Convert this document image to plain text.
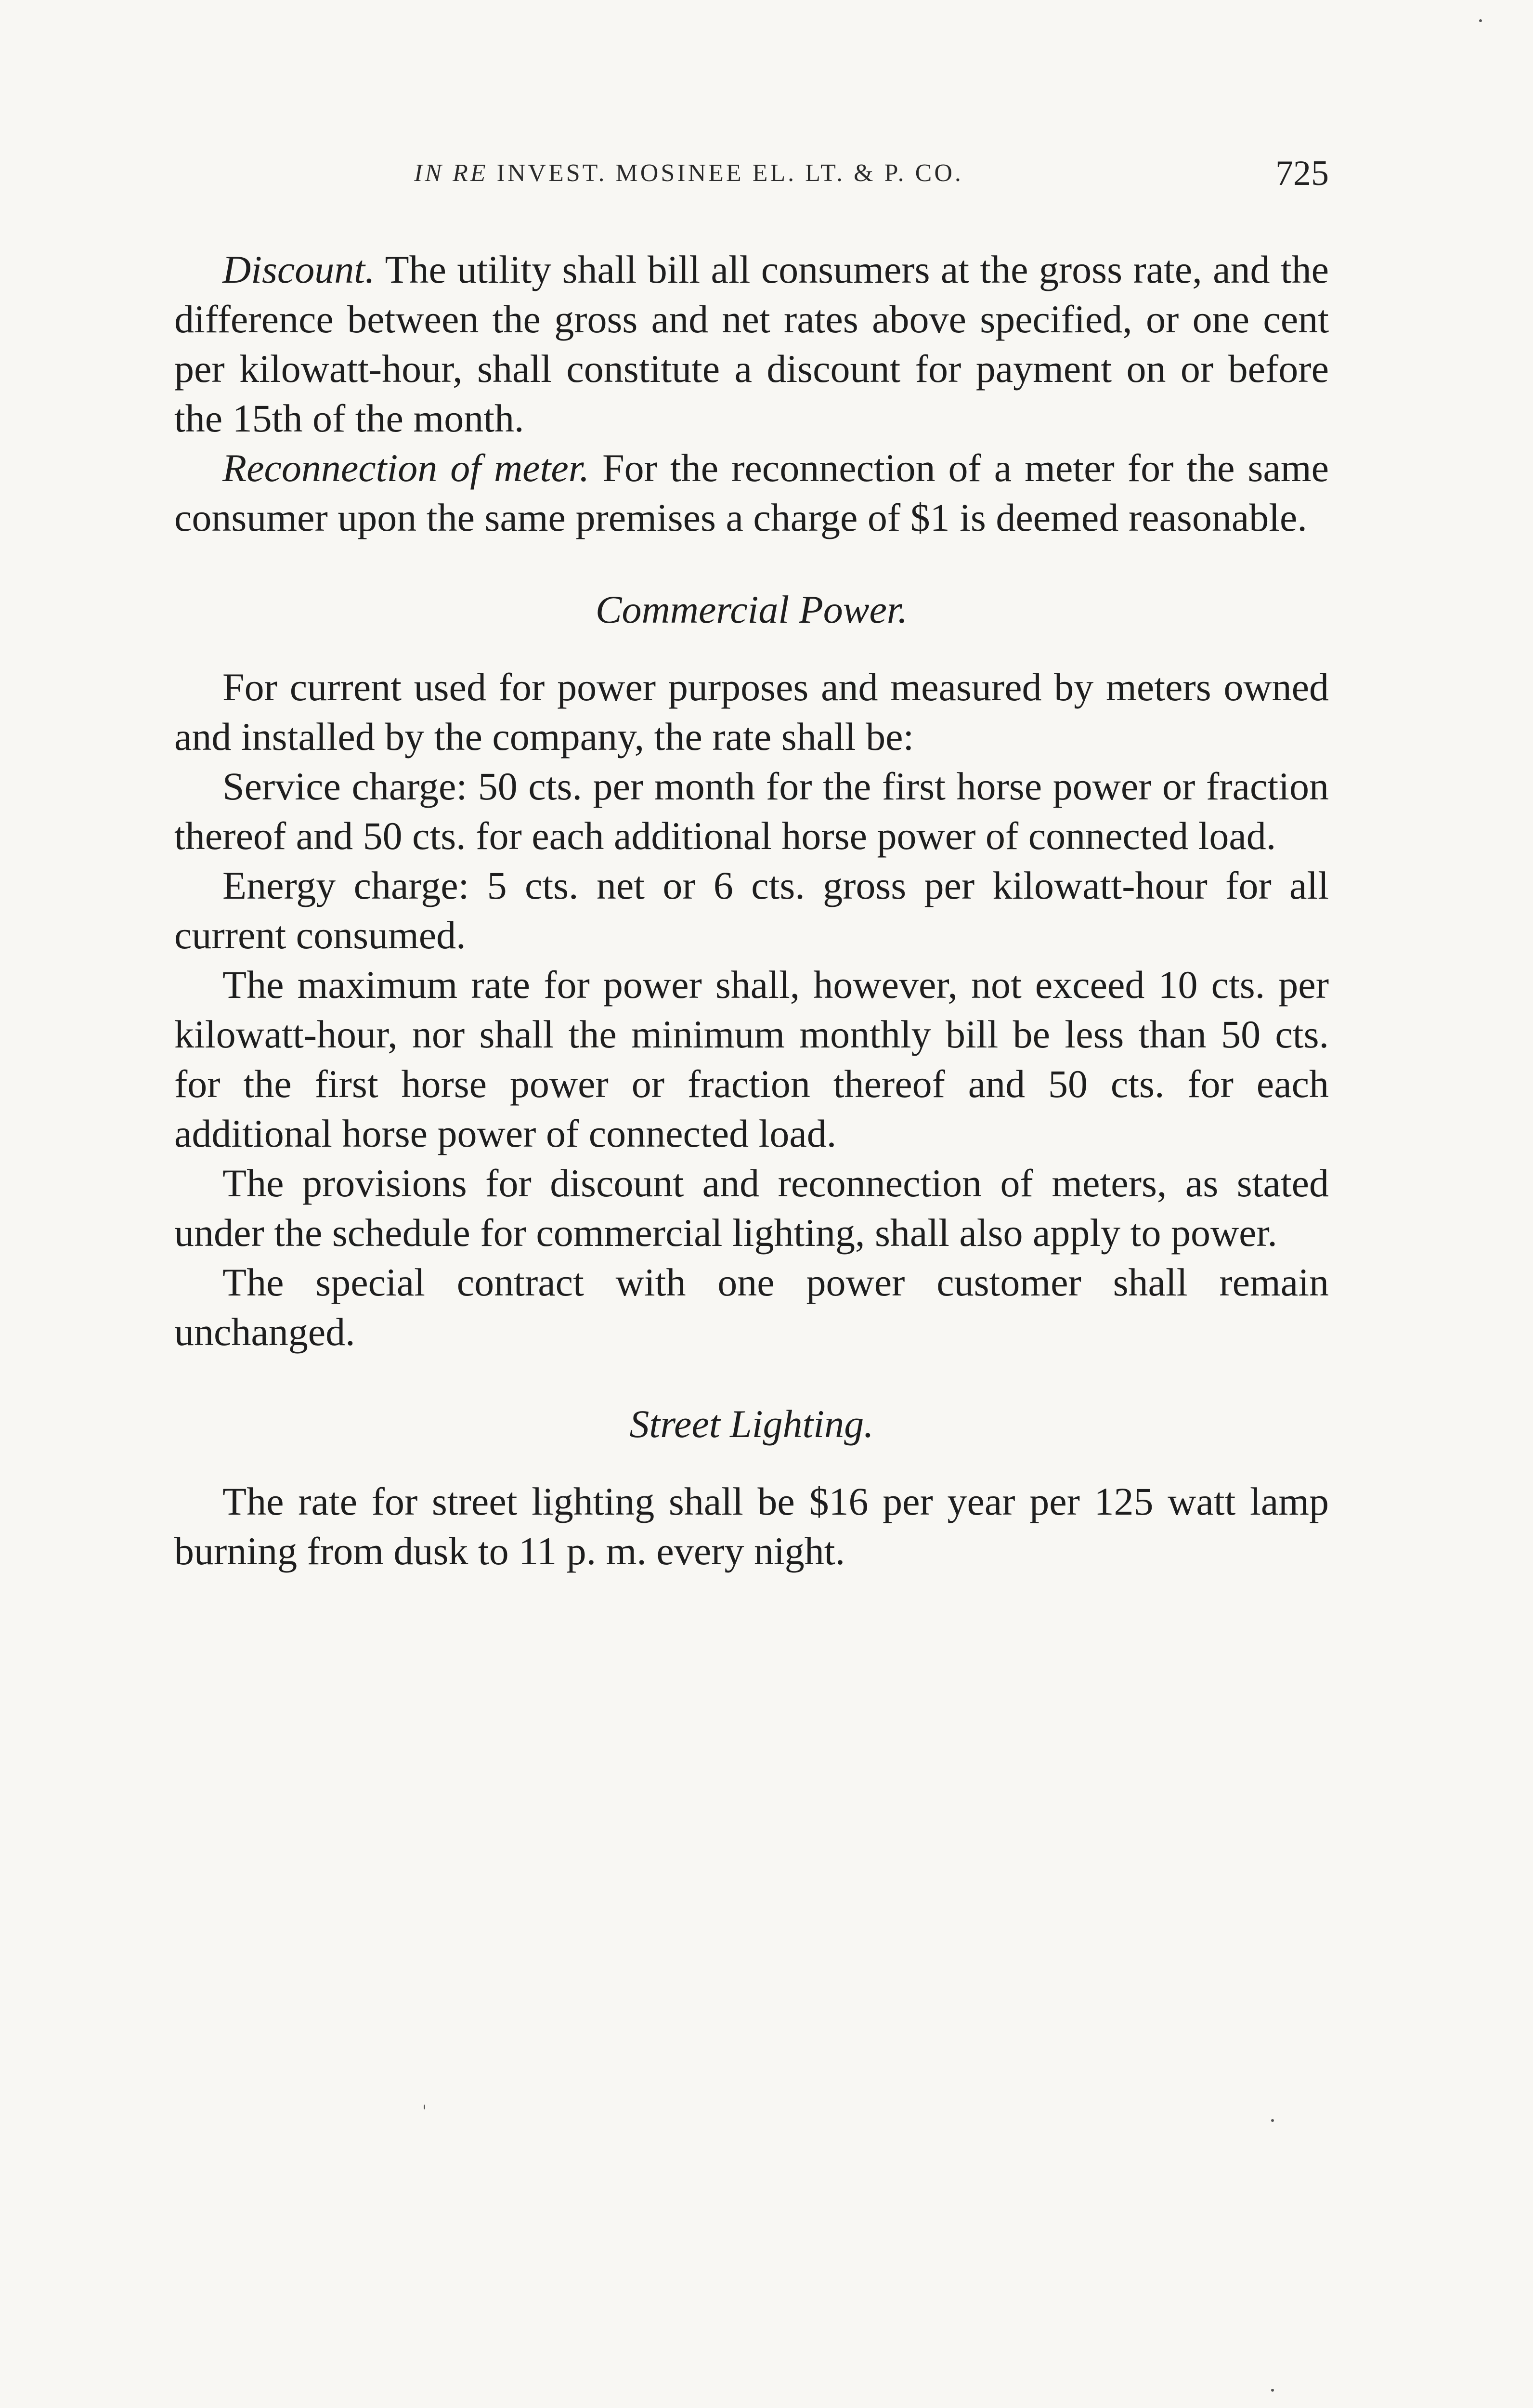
IN RE INVEST. MOSINEE EL. LT. & P. CO.	725

Discount. The utility shall bill all consumers at the gross rate, and the difference between the gross and net rates above specified, or one cent per kilowatt-hour, shall constitute a discount for payment on or before the 15th of the month.

Reconnection of meter. For the reconnection of a meter for the same consumer upon the same premises a charge of $1 is deemed reasonable.

Commercial Power.

For current used for power purposes and measured by meters owned and installed by the company, the rate shall be:

Service charge: 50 cts. per month for the first horse power or fraction thereof and 50 cts. for each additional horse power of connected load.

Energy charge: 5 cts. net or 6 cts. gross per kilowatt-hour for all current consumed.

The maximum rate for power shall, however, not exceed 10 cts. per kilowatt-hour, nor shall the minimum monthly bill be less than 50 cts. for the first horse power or fraction thereof and 50 cts. for each additional horse power of connected load.

The provisions for discount and reconnection of meters, as stated under the schedule for commercial lighting, shall also apply to power.

The special contract with one power customer shall remain unchanged.

Street Lighting.

The rate for street lighting shall be $16 per year per 125 watt lamp burning from dusk to 11 p. m. every night.
